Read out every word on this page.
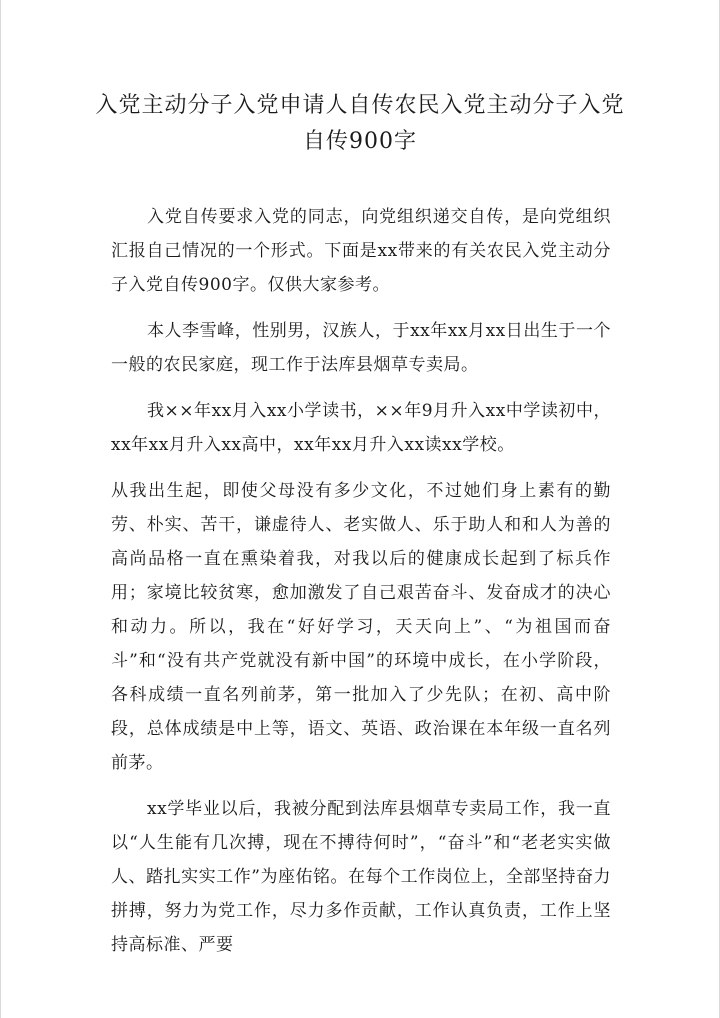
入党主动分子入党申请人自传农民入党主动分子入党自传900字

入党自传要求入党的同志，向党组织递交自传，是向党组织汇报自己情况的一个形式。下面是xx带来的有关农民入党主动分子入党自传900字。仅供大家参考。

本人李雪峰，性别男，汉族人，于xx年xx月xx日出生于一个一般的农民家庭，现工作于法库县烟草专卖局。

我××年xx月入xx小学读书，××年9月升入xx中学读初中，xx年xx月升入xx高中，xx年xx月升入xx读xx学校。

从我出生起，即使父母没有多少文化，不过她们身上素有的勤劳、朴实、苦干，谦虚待人、老实做人、乐于助人和和人为善的高尚品格一直在熏染着我，对我以后的健康成长起到了标兵作用；家境比较贫寒，愈加激发了自己艰苦奋斗、发奋成才的决心和动力。所以，我在“好好学习，天天向上”、“为祖国而奋斗”和“没有共产党就没有新中国”的环境中成长，在小学阶段，各科成绩一直名列前茅，第一批加入了少先队；在初、高中阶段，总体成绩是中上等，语文、英语、政治课在本年级一直名列前茅。

xx学毕业以后，我被分配到法库县烟草专卖局工作，我一直以“人生能有几次搏，现在不搏待何时”，“奋斗”和“老老实实做人、踏扎实实工作”为座佑铭。在每个工作岗位上，全部坚持奋力拼搏，努力为党工作，尽力多作贡献，工作认真负责，工作上坚持高标准、严要
